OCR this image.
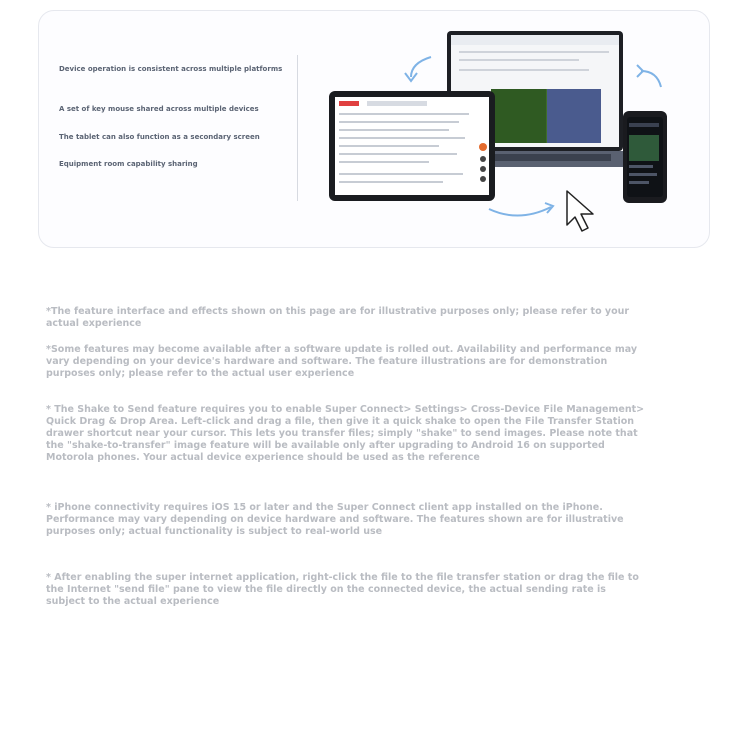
Device operation is consistent across multiple platforms
A set of key mouse shared across multiple devices
The tablet can also function as a secondary screen
Equipment room capability sharing
*The feature interface and effects shown on this page are for illustrative purposes only; please refer to your actual experience
*Some features may become available after a software update is rolled out. Availability and performance may vary depending on your device's hardware and software. The feature illustrations are for demonstration purposes only; please refer to the actual user experience
* The Shake to Send feature requires you to enable Super Connect> Settings> Cross-Device File Management> Quick Drag & Drop Area. Left-click and drag a file, then give it a quick shake to open the File Transfer Station drawer shortcut near your cursor. This lets you transfer files; simply "shake" to send images. Please note that the "shake-to-transfer" image feature will be available only after upgrading to Android 16 on supported Motorola phones. Your actual device experience should be used as the reference
* iPhone connectivity requires iOS 15 or later and the Super Connect client app installed on the iPhone. Performance may vary depending on device hardware and software. The features shown are for illustrative purposes only; actual functionality is subject to real-world use
* After enabling the super internet application, right-click the file to the file transfer station or drag the file to the Internet "send file" pane to view the file directly on the connected device, the actual sending rate is subject to the actual experience
